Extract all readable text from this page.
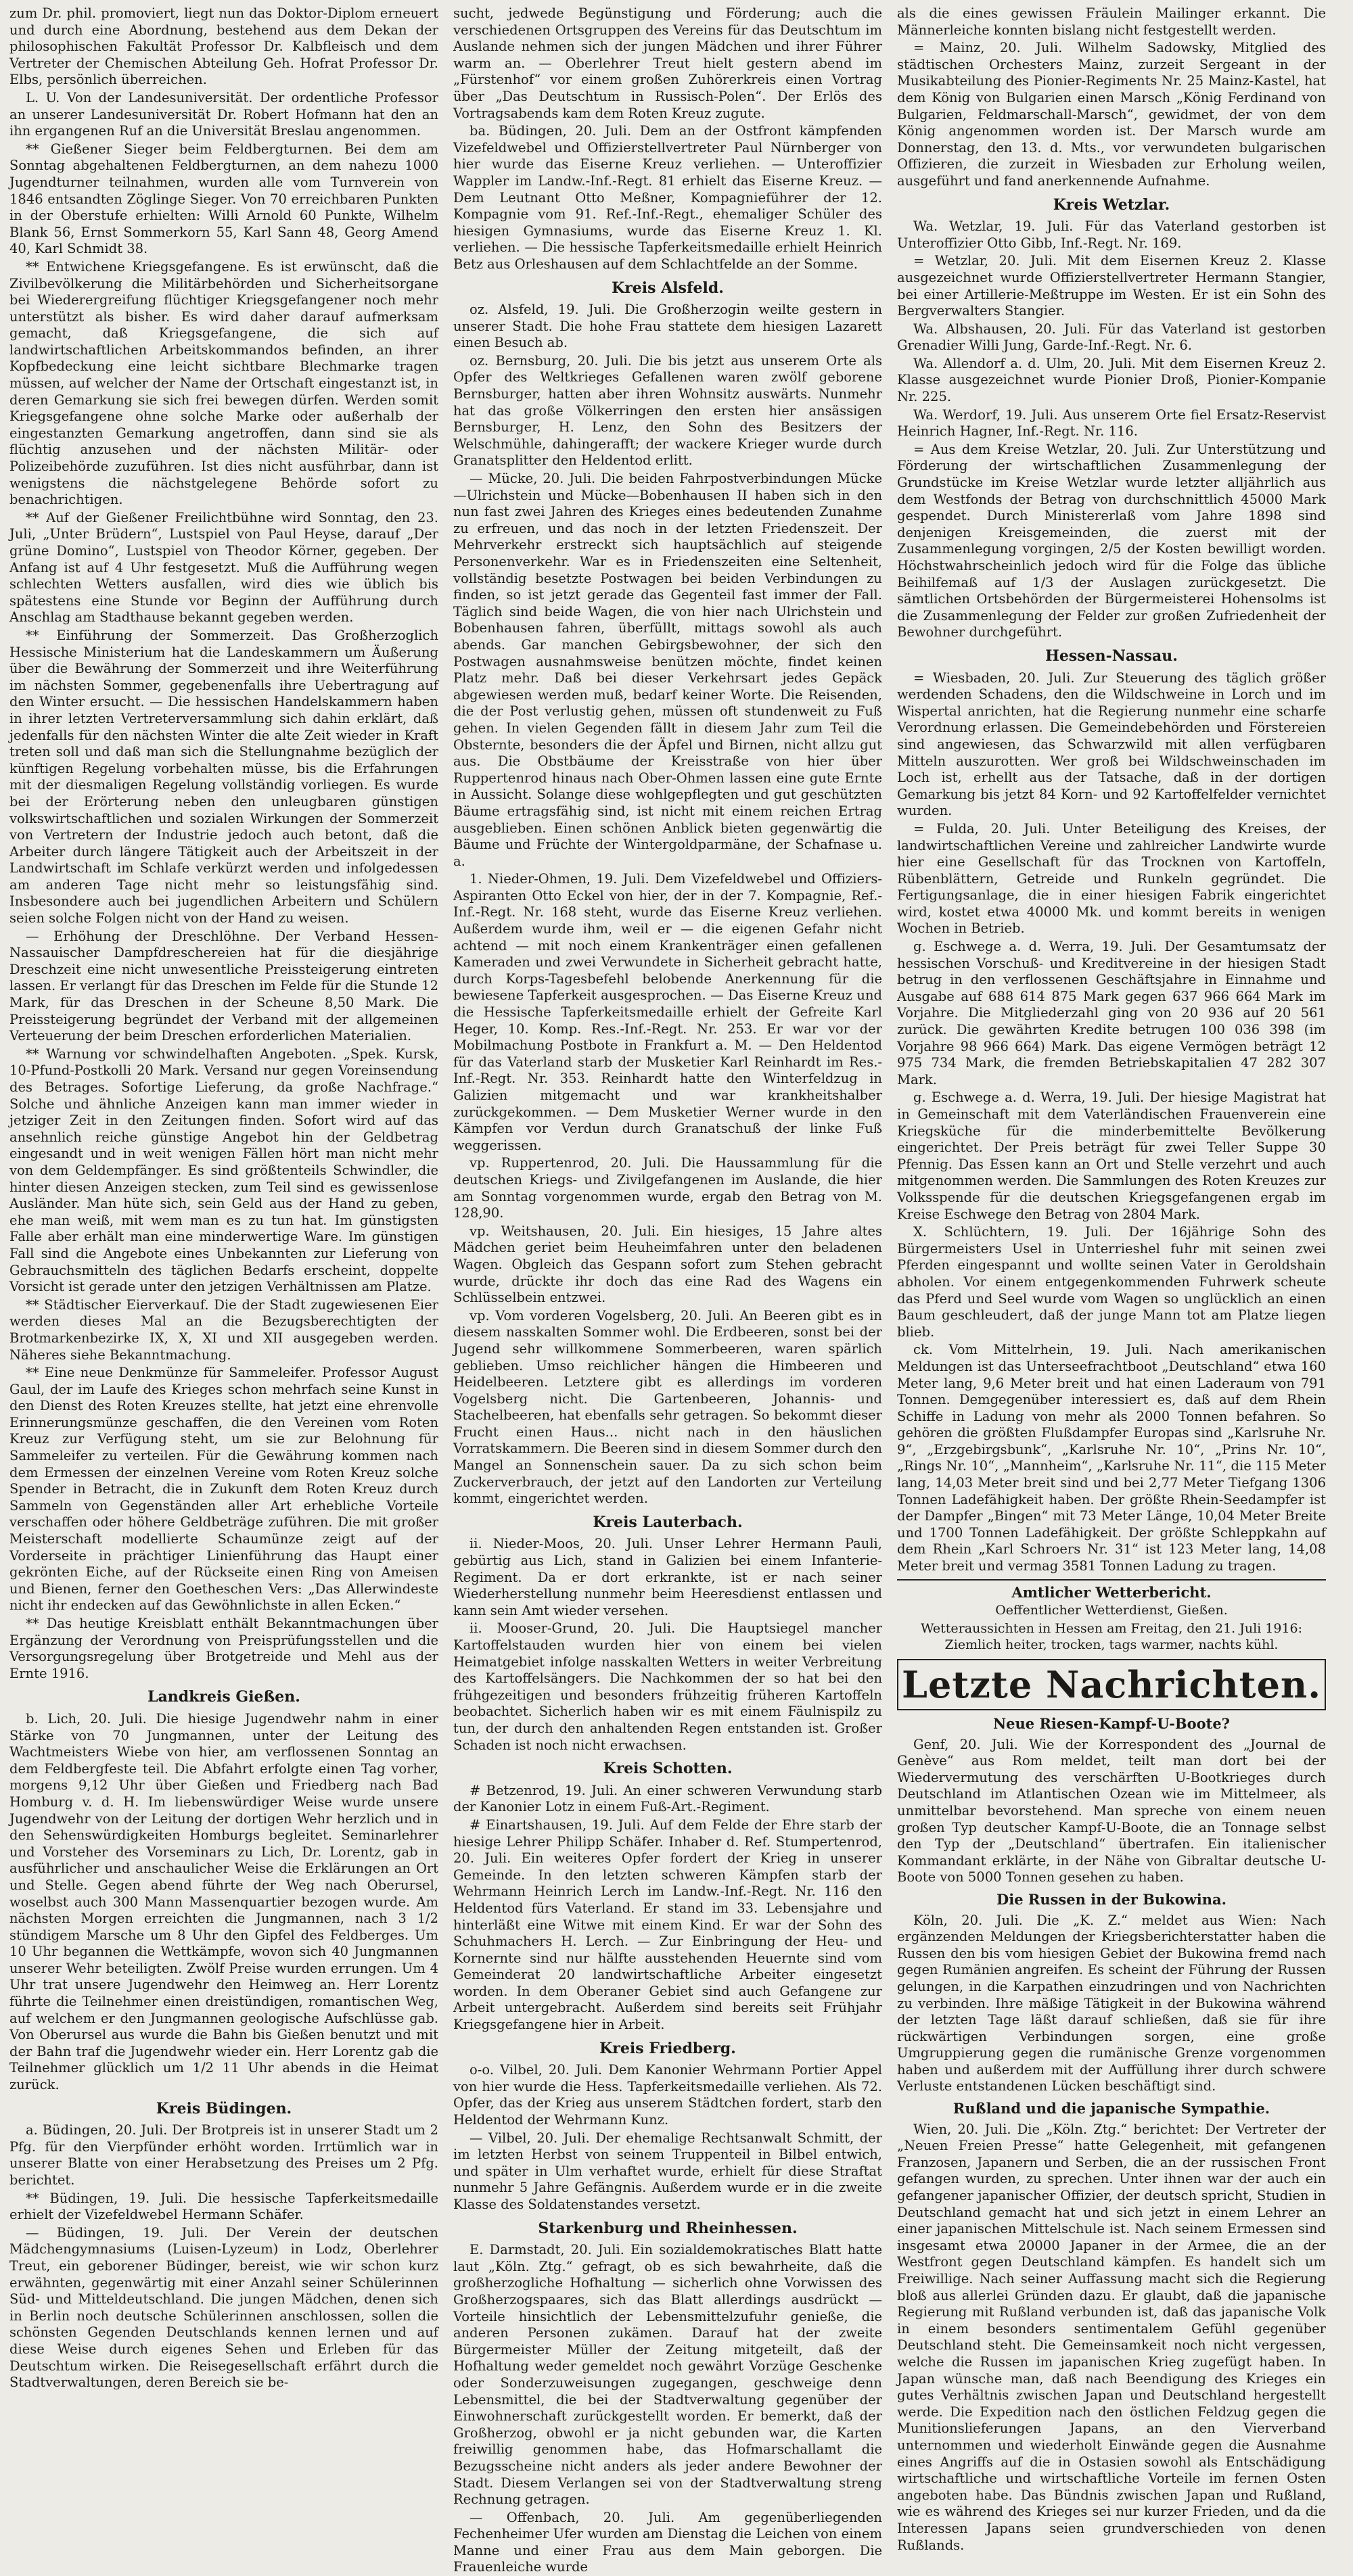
zum Dr. phil. promoviert, liegt nun das Doktor-Diplom erneuert und durch eine Abordnung, bestehend aus dem Dekan der philosophischen Fakultät Professor Dr. Kalbfleisch und dem Vertreter der Chemischen Abteilung Geh. Hofrat Professor Dr. Elbs, persönlich überreichen.

L. U. Von der Landesuniversität. Der ordentliche Professor an unserer Landesuniversität Dr. Robert Hofmann hat den an ihn ergangenen Ruf an die Universität Breslau angenommen.

** Gießener Sieger beim Feldbergturnen. Bei dem am Sonntag abgehaltenen Feldbergturnen, an dem nahezu 1000 Jugendturner teilnahmen, wurden alle vom Turnverein von 1846 entsandten Zöglinge Sieger. Von 70 erreichbaren Punkten in der Oberstufe erhielten: Willi Arnold 60 Punkte, Wilhelm Blank 56, Ernst Sommerkorn 55, Karl Sann 48, Georg Amend 40, Karl Schmidt 38.

** Entwichene Kriegsgefangene. Es ist erwünscht, daß die Zivilbevölkerung die Militärbehörden und Sicherheitsorgane bei Wiederergreifung flüchtiger Kriegsgefangener noch mehr unterstützt als bisher. Es wird daher darauf aufmerksam gemacht, daß Kriegsgefangene, die sich auf landwirtschaftlichen Arbeitskommandos befinden, an ihrer Kopfbedeckung eine leicht sichtbare Blechmarke tragen müssen, auf welcher der Name der Ortschaft eingestanzt ist, in deren Gemarkung sie sich frei bewegen dürfen. Werden somit Kriegsgefangene ohne solche Marke oder außerhalb der eingestanzten Gemarkung angetroffen, dann sind sie als flüchtig anzusehen und der nächsten Militär- oder Polizeibehörde zuzuführen. Ist dies nicht ausführbar, dann ist wenigstens die nächstgelegene Behörde sofort zu benachrichtigen.

** Auf der Gießener Freilichtbühne wird Sonntag, den 23. Juli, „Unter Brüdern“, Lustspiel von Paul Heyse, darauf „Der grüne Domino“, Lustspiel von Theodor Körner, gegeben. Der Anfang ist auf 4 Uhr festgesetzt. Muß die Aufführung wegen schlechten Wetters ausfallen, wird dies wie üblich bis spätestens eine Stunde vor Beginn der Aufführung durch Anschlag am Stadthause bekannt gegeben werden.

** Einführung der Sommerzeit. Das Großherzoglich Hessische Ministerium hat die Landeskammern um Äußerung über die Bewährung der Sommerzeit und ihre Weiterführung im nächsten Sommer, gegebenenfalls ihre Uebertragung auf den Winter ersucht. — Die hessischen Handelskammern haben in ihrer letzten Vertreterversammlung sich dahin erklärt, daß jedenfalls für den nächsten Winter die alte Zeit wieder in Kraft treten soll und daß man sich die Stellungnahme bezüglich der künftigen Regelung vorbehalten müsse, bis die Erfahrungen mit der diesmaligen Regelung vollständig vorliegen. Es wurde bei der Erörterung neben den unleugbaren günstigen volkswirtschaftlichen und sozialen Wirkungen der Sommerzeit von Vertretern der Industrie jedoch auch betont, daß die Arbeiter durch längere Tätigkeit auch der Arbeitszeit in der Landwirtschaft im Schlafe verkürzt werden und infolgedessen am anderen Tage nicht mehr so leistungsfähig sind. Insbesondere auch bei jugendlichen Arbeitern und Schülern seien solche Folgen nicht von der Hand zu weisen.

— Erhöhung der Dreschlöhne. Der Verband Hessen-Nassauischer Dampfdreschereien hat für die diesjährige Dreschzeit eine nicht unwesentliche Preissteigerung eintreten lassen. Er verlangt für das Dreschen im Felde für die Stunde 12 Mark, für das Dreschen in der Scheune 8,50 Mark. Die Preissteigerung begründet der Verband mit der allgemeinen Verteuerung der beim Dreschen erforderlichen Materialien.

** Warnung vor schwindelhaften Angeboten. „Spek. Kursk, 10-Pfund-Postkolli 20 Mark. Versand nur gegen Voreinsendung des Betrages. Sofortige Lieferung, da große Nachfrage.“ Solche und ähnliche Anzeigen kann man immer wieder in jetziger Zeit in den Zeitungen finden. Sofort wird auf das ansehnlich reiche günstige Angebot hin der Geldbetrag eingesandt und in weit wenigen Fällen hört man nicht mehr von dem Geldempfänger. Es sind größtenteils Schwindler, die hinter diesen Anzeigen stecken, zum Teil sind es gewissenlose Ausländer. Man hüte sich, sein Geld aus der Hand zu geben, ehe man weiß, mit wem man es zu tun hat. Im günstigsten Falle aber erhält man eine minderwertige Ware. Im günstigen Fall sind die Angebote eines Unbekannten zur Lieferung von Gebrauchsmitteln des täglichen Bedarfs erscheint, doppelte Vorsicht ist gerade unter den jetzigen Verhältnissen am Platze.

** Städtischer Eierverkauf. Die der Stadt zugewiesenen Eier werden dieses Mal an die Bezugsberechtigten der Brotmarkenbezirke IX, X, XI und XII ausgegeben werden. Näheres siehe Bekanntmachung.

** Eine neue Denkmünze für Sammeleifer. Professor August Gaul, der im Laufe des Krieges schon mehrfach seine Kunst in den Dienst des Roten Kreuzes stellte, hat jetzt eine ehrenvolle Erinnerungsmünze geschaffen, die den Vereinen vom Roten Kreuz zur Verfügung steht, um sie zur Belohnung für Sammeleifer zu verteilen. Für die Gewährung kommen nach dem Ermessen der einzelnen Vereine vom Roten Kreuz solche Spender in Betracht, die in Zukunft dem Roten Kreuz durch Sammeln von Gegenständen aller Art erhebliche Vorteile verschaffen oder höhere Geldbeträge zuführen. Die mit großer Meisterschaft modellierte Schaumünze zeigt auf der Vorderseite in prächtiger Linienführung das Haupt einer gekrönten Eiche, auf der Rückseite einen Ring von Ameisen und Bienen, ferner den Goetheschen Vers: „Das Allerwindeste nicht ihr endecken auf das Gewöhnlichste in allen Ecken.“

** Das heutige Kreisblatt enthält Bekanntmachungen über Ergänzung der Verordnung von Preisprüfungsstellen und die Versorgungsregelung über Brotgetreide und Mehl aus der Ernte 1916.

Landkreis Gießen.

b. Lich, 20. Juli. Die hiesige Jugendwehr nahm in einer Stärke von 70 Jungmannen, unter der Leitung des Wachtmeisters Wiebe von hier, am verflossenen Sonntag an dem Feldbergfeste teil. Die Abfahrt erfolgte einen Tag vorher, morgens 9,12 Uhr über Gießen und Friedberg nach Bad Homburg v. d. H. Im liebenswürdiger Weise wurde unsere Jugendwehr von der Leitung der dortigen Wehr herzlich und in den Sehenswürdigkeiten Homburgs begleitet. Seminarlehrer und Vorsteher des Vorseminars zu Lich, Dr. Lorentz, gab in ausführlicher und anschaulicher Weise die Erklärungen an Ort und Stelle. Gegen abend führte der Weg nach Oberursel, woselbst auch 300 Mann Massenquartier bezogen wurde. Am nächsten Morgen erreichten die Jungmannen, nach 3 1/2 stündigem Marsche um 8 Uhr den Gipfel des Feldberges. Um 10 Uhr begannen die Wettkämpfe, wovon sich 40 Jungmannen unserer Wehr beteiligten. Zwölf Preise wurden errungen. Um 4 Uhr trat unsere Jugendwehr den Heimweg an. Herr Lorentz führte die Teilnehmer einen dreistündigen, romantischen Weg, auf welchem er den Jungmannen geologische Aufschlüsse gab. Von Oberursel aus wurde die Bahn bis Gießen benutzt und mit der Bahn traf die Jugendwehr wieder ein. Herr Lorentz gab die Teilnehmer glücklich um 1/2 11 Uhr abends in die Heimat zurück.

Kreis Büdingen.

a. Büdingen, 20. Juli. Der Brotpreis ist in unserer Stadt um 2 Pfg. für den Vierpfünder erhöht worden. Irrtümlich war in unserer Blatte von einer Herabsetzung des Preises um 2 Pfg. berichtet.

** Büdingen, 19. Juli. Die hessische Tapferkeitsmedaille erhielt der Vizefeldwebel Hermann Schäfer.

— Büdingen, 19. Juli. Der Verein der deutschen Mädchengymnasiums (Luisen-Lyzeum) in Lodz, Oberlehrer Treut, ein geborener Büdinger, bereist, wie wir schon kurz erwähnten, gegenwärtig mit einer Anzahl seiner Schülerinnen Süd- und Mitteldeutschland. Die jungen Mädchen, denen sich in Berlin noch deutsche Schülerinnen anschlossen, sollen die schönsten Gegenden Deutschlands kennen lernen und auf diese Weise durch eigenes Sehen und Erleben für das Deutschtum wirken. Die Reisegesellschaft erfährt durch die Stadtverwaltungen, deren Bereich sie be-

sucht, jedwede Begünstigung und Förderung; auch die verschiedenen Ortsgruppen des Vereins für das Deutschtum im Auslande nehmen sich der jungen Mädchen und ihrer Führer warm an. — Oberlehrer Treut hielt gestern abend im „Fürstenhof“ vor einem großen Zuhörerkreis einen Vortrag über „Das Deutschtum in Russisch-Polen“. Der Erlös des Vortragsabends kam dem Roten Kreuz zugute.

ba. Büdingen, 20. Juli. Dem an der Ostfront kämpfenden Vizefeldwebel und Offizierstellvertreter Paul Nürnberger von hier wurde das Eiserne Kreuz verliehen. — Unteroffizier Wappler im Landw.-Inf.-Regt. 81 erhielt das Eiserne Kreuz. — Dem Leutnant Otto Meßner, Kompagnieführer der 12. Kompagnie vom 91. Ref.-Inf.-Regt., ehemaliger Schüler des hiesigen Gymnasiums, wurde das Eiserne Kreuz 1. Kl. verliehen. — Die hessische Tapferkeitsmedaille erhielt Heinrich Betz aus Orleshausen auf dem Schlachtfelde an der Somme.

Kreis Alsfeld.

oz. Alsfeld, 19. Juli. Die Großherzogin weilte gestern in unserer Stadt. Die hohe Frau stattete dem hiesigen Lazarett einen Besuch ab.

oz. Bernsburg, 20. Juli. Die bis jetzt aus unserem Orte als Opfer des Weltkrieges Gefallenen waren zwölf geborene Bernsburger, hatten aber ihren Wohnsitz auswärts. Nunmehr hat das große Völkerringen den ersten hier ansässigen Bernsburger, H. Lenz, den Sohn des Besitzers der Welschmühle, dahingerafft; der wackere Krieger wurde durch Granatsplitter den Heldentod erlitt.

— Mücke, 20. Juli. Die beiden Fahrpostverbindungen Mücke—Ulrichstein und Mücke—Bobenhausen II haben sich in den nun fast zwei Jahren des Krieges eines bedeutenden Zunahme zu erfreuen, und das noch in der letzten Friedenszeit. Der Mehrverkehr erstreckt sich hauptsächlich auf steigende Personenverkehr. War es in Friedenszeiten eine Seltenheit, vollständig besetzte Postwagen bei beiden Verbindungen zu finden, so ist jetzt gerade das Gegenteil fast immer der Fall. Täglich sind beide Wagen, die von hier nach Ulrichstein und Bobenhausen fahren, überfüllt, mittags sowohl als auch abends. Gar manchen Gebirgsbewohner, der sich den Postwagen ausnahmsweise benützen möchte, findet keinen Platz mehr. Daß bei dieser Verkehrsart jedes Gepäck abgewiesen werden muß, bedarf keiner Worte. Die Reisenden, die der Post verlustig gehen, müssen oft stundenweit zu Fuß gehen. In vielen Gegenden fällt in diesem Jahr zum Teil die Obsternte, besonders die der Äpfel und Birnen, nicht allzu gut aus. Die Obstbäume der Kreisstraße von hier über Ruppertenrod hinaus nach Ober-Ohmen lassen eine gute Ernte in Aussicht. Solange diese wohlgepflegten und gut geschützten Bäume ertragsfähig sind, ist nicht mit einem reichen Ertrag ausgeblieben. Einen schönen Anblick bieten gegenwärtig die Bäume und Früchte der Wintergoldparmäne, der Schafnase u. a.

1. Nieder-Ohmen, 19. Juli. Dem Vizefeldwebel und Offiziers-Aspiranten Otto Eckel von hier, der in der 7. Kompagnie, Ref.-Inf.-Regt. Nr. 168 steht, wurde das Eiserne Kreuz verliehen. Außerdem wurde ihm, weil er — die eigenen Gefahr nicht achtend — mit noch einem Krankenträger einen gefallenen Kameraden und zwei Verwundete in Sicherheit gebracht hatte, durch Korps-Tagesbefehl belobende Anerkennung für die bewiesene Tapferkeit ausgesprochen. — Das Eiserne Kreuz und die Hessische Tapferkeitsmedaille erhielt der Gefreite Karl Heger, 10. Komp. Res.-Inf.-Regt. Nr. 253. Er war vor der Mobilmachung Postbote in Frankfurt a. M. — Den Heldentod für das Vaterland starb der Musketier Karl Reinhardt im Res.-Inf.-Regt. Nr. 353. Reinhardt hatte den Winterfeldzug in Galizien mitgemacht und war krankheitshalber zurückgekommen. — Dem Musketier Werner wurde in den Kämpfen vor Verdun durch Granatschuß der linke Fuß weggerissen.

vp. Ruppertenrod, 20. Juli. Die Haussammlung für die deutschen Kriegs- und Zivilgefangenen im Auslande, die hier am Sonntag vorgenommen wurde, ergab den Betrag von M. 128,90.

vp. Weitshausen, 20. Juli. Ein hiesiges, 15 Jahre altes Mädchen geriet beim Heuheimfahren unter den beladenen Wagen. Obgleich das Gespann sofort zum Stehen gebracht wurde, drückte ihr doch das eine Rad des Wagens ein Schlüsselbein entzwei.

vp. Vom vorderen Vogelsberg, 20. Juli. An Beeren gibt es in diesem nasskalten Sommer wohl. Die Erdbeeren, sonst bei der Jugend sehr willkommene Sommerbeeren, waren spärlich geblieben. Umso reichlicher hängen die Himbeeren und Heidelbeeren. Letztere gibt es allerdings im vorderen Vogelsberg nicht. Die Gartenbeeren, Johannis- und Stachelbeeren, hat ebenfalls sehr getragen. So bekommt dieser Frucht einen Haus... nicht nach in den häuslichen Vorratskammern. Die Beeren sind in diesem Sommer durch den Mangel an Sonnenschein sauer. Da zu sich schon beim Zuckerverbrauch, der jetzt auf den Landorten zur Verteilung kommt, eingerichtet werden.

Kreis Lauterbach.

ii. Nieder-Moos, 20. Juli. Unser Lehrer Hermann Pauli, gebürtig aus Lich, stand in Galizien bei einem Infanterie-Regiment. Da er dort erkrankte, ist er nach seiner Wiederherstellung nunmehr beim Heeresdienst entlassen und kann sein Amt wieder versehen.

ii. Mooser-Grund, 20. Juli. Die Hauptsiegel mancher Kartoffelstauden wurden hier von einem bei vielen Heimatgebiet infolge nasskalten Wetters in weiter Verbreitung des Kartoffelsängers. Die Nachkommen der so hat bei den frühgezeitigen und besonders frühzeitig früheren Kartoffeln beobachtet. Sicherlich haben wir es mit einem Fäulnispilz zu tun, der durch den anhaltenden Regen entstanden ist. Großer Schaden ist noch nicht erwachsen.

Kreis Schotten.

# Betzenrod, 19. Juli. An einer schweren Verwundung starb der Kanonier Lotz in einem Fuß-Art.-Regiment.

# Einartshausen, 19. Juli. Auf dem Felde der Ehre starb der hiesige Lehrer Philipp Schäfer. Inhaber d. Ref. Stumpertenrod, 20. Juli. Ein weiteres Opfer fordert der Krieg in unserer Gemeinde. In den letzten schweren Kämpfen starb der Wehrmann Heinrich Lerch im Landw.-Inf.-Regt. Nr. 116 den Heldentod fürs Vaterland. Er stand im 33. Lebensjahre und hinterläßt eine Witwe mit einem Kind. Er war der Sohn des Schuhmachers H. Lerch. — Zur Einbringung der Heu- und Kornernte sind nur hälfte ausstehenden Heuernte sind vom Gemeinderat 20 landwirtschaftliche Arbeiter eingesetzt worden. In dem Oberaner Gebiet sind auch Gefangene zur Arbeit untergebracht. Außerdem sind bereits seit Frühjahr Kriegsgefangene hier in Arbeit.

Kreis Friedberg.

o-o. Vilbel, 20. Juli. Dem Kanonier Wehrmann Portier Appel von hier wurde die Hess. Tapferkeitsmedaille verliehen. Als 72. Opfer, das der Krieg aus unserem Städtchen fordert, starb den Heldentod der Wehrmann Kunz.

— Vilbel, 20. Juli. Der ehemalige Rechtsanwalt Schmitt, der im letzten Herbst von seinem Truppenteil in Bilbel entwich, und später in Ulm verhaftet wurde, erhielt für diese Straftat nunmehr 5 Jahre Gefängnis. Außerdem wurde er in die zweite Klasse des Soldatenstandes versetzt.

Starkenburg und Rheinhessen.

E. Darmstadt, 20. Juli. Ein sozialdemokratisches Blatt hatte laut „Köln. Ztg.“ gefragt, ob es sich bewahrheite, daß die großherzogliche Hofhaltung — sicherlich ohne Vorwissen des Großherzogspaares, sich das Blatt allerdings ausdrückt — Vorteile hinsichtlich der Lebensmittelzufuhr genieße, die anderen Personen zukämen. Darauf hat der zweite Bürgermeister Müller der Zeitung mitgeteilt, daß der Hofhaltung weder gemeldet noch gewährt Vorzüge Geschenke oder Sonderzuweisungen zugegangen, geschweige denn Lebensmittel, die bei der Stadtverwaltung gegenüber der Einwohnerschaft zurückgestellt worden. Er bemerkt, daß der Großherzog, obwohl er ja nicht gebunden war, die Karten freiwillig genommen habe, das Hofmarschallamt die Bezugsscheine nicht anders als jeder andere Bewohner der Stadt. Diesem Verlangen sei von der Stadtverwaltung streng Rechnung getragen.

— Offenbach, 20. Juli. Am gegenüberliegenden Fechenheimer Ufer wurden am Dienstag die Leichen von einem Manne und einer Frau aus dem Main geborgen. Die Frauenleiche wurde

als die eines gewissen Fräulein Mailinger erkannt. Die Männerleiche konnten bislang nicht festgestellt werden.

= Mainz, 20. Juli. Wilhelm Sadowsky, Mitglied des städtischen Orchesters Mainz, zurzeit Sergeant in der Musikabteilung des Pionier-Regiments Nr. 25 Mainz-Kastel, hat dem König von Bulgarien einen Marsch „König Ferdinand von Bulgarien, Feldmarschall-Marsch“, gewidmet, der von dem König angenommen worden ist. Der Marsch wurde am Donnerstag, den 13. d. Mts., vor verwundeten bulgarischen Offizieren, die zurzeit in Wiesbaden zur Erholung weilen, ausgeführt und fand anerkennende Aufnahme.

Kreis Wetzlar.

Wa. Wetzlar, 19. Juli. Für das Vaterland gestorben ist Unteroffizier Otto Gibb, Inf.-Regt. Nr. 169.

= Wetzlar, 20. Juli. Mit dem Eisernen Kreuz 2. Klasse ausgezeichnet wurde Offizierstellvertreter Hermann Stangier, bei einer Artillerie-Meßtruppe im Westen. Er ist ein Sohn des Bergverwalters Stangier.

Wa. Albshausen, 20. Juli. Für das Vaterland ist gestorben Grenadier Willi Jung, Garde-Inf.-Regt. Nr. 6.

Wa. Allendorf a. d. Ulm, 20. Juli. Mit dem Eisernen Kreuz 2. Klasse ausgezeichnet wurde Pionier Droß, Pionier-Kompanie Nr. 225.

Wa. Werdorf, 19. Juli. Aus unserem Orte fiel Ersatz-Reservist Heinrich Hagner, Inf.-Regt. Nr. 116.

= Aus dem Kreise Wetzlar, 20. Juli. Zur Unterstützung und Förderung der wirtschaftlichen Zusammenlegung der Grundstücke im Kreise Wetzlar wurde letzter alljährlich aus dem Westfonds der Betrag von durchschnittlich 45000 Mark gespendet. Durch Ministererlaß vom Jahre 1898 sind denjenigen Kreisgemeinden, die zuerst mit der Zusammenlegung vorgingen, 2/5 der Kosten bewilligt worden. Höchstwahrscheinlich jedoch wird für die Folge das übliche Beihilfemaß auf 1/3 der Auslagen zurückgesetzt. Die sämtlichen Ortsbehörden der Bürgermeisterei Hohensolms ist die Zusammenlegung der Felder zur großen Zufriedenheit der Bewohner durchgeführt.

Hessen-Nassau.

= Wiesbaden, 20. Juli. Zur Steuerung des täglich größer werdenden Schadens, den die Wildschweine in Lorch und im Wispertal anrichten, hat die Regierung nunmehr eine scharfe Verordnung erlassen. Die Gemeindebehörden und Förstereien sind angewiesen, das Schwarzwild mit allen verfügbaren Mitteln auszurotten. Wer groß bei Wildschweinschaden im Loch ist, erhellt aus der Tatsache, daß in der dortigen Gemarkung bis jetzt 84 Korn- und 92 Kartoffelfelder vernichtet wurden.

= Fulda, 20. Juli. Unter Beteiligung des Kreises, der landwirtschaftlichen Vereine und zahlreicher Landwirte wurde hier eine Gesellschaft für das Trocknen von Kartoffeln, Rübenblättern, Getreide und Runkeln gegründet. Die Fertigungsanlage, die in einer hiesigen Fabrik eingerichtet wird, kostet etwa 40000 Mk. und kommt bereits in wenigen Wochen in Betrieb.

g. Eschwege a. d. Werra, 19. Juli. Der Gesamtumsatz der hessischen Vorschuß- und Kreditvereine in der hiesigen Stadt betrug in den verflossenen Geschäftsjahre in Einnahme und Ausgabe auf 688 614 875 Mark gegen 637 966 664 Mark im Vorjahre. Die Mitgliederzahl ging von 20 936 auf 20 561 zurück. Die gewährten Kredite betrugen 100 036 398 (im Vorjahre 98 966 664) Mark. Das eigene Vermögen beträgt 12 975 734 Mark, die fremden Betriebskapitalien 47 282 307 Mark.

g. Eschwege a. d. Werra, 19. Juli. Der hiesige Magistrat hat in Gemeinschaft mit dem Vaterländischen Frauenverein eine Kriegsküche für die minderbemittelte Bevölkerung eingerichtet. Der Preis beträgt für zwei Teller Suppe 30 Pfennig. Das Essen kann an Ort und Stelle verzehrt und auch mitgenommen werden. Die Sammlungen des Roten Kreuzes zur Volksspende für die deutschen Kriegsgefangenen ergab im Kreise Eschwege den Betrag von 2804 Mark.

X. Schlüchtern, 19. Juli. Der 16jährige Sohn des Bürgermeisters Usel in Unterrieshel fuhr mit seinen zwei Pferden eingespannt und wollte seinen Vater in Geroldshain abholen. Vor einem entgegenkommenden Fuhrwerk scheute das Pferd und Seel wurde vom Wagen so unglücklich an einen Baum geschleudert, daß der junge Mann tot am Platze liegen blieb.

ck. Vom Mittelrhein, 19. Juli. Nach amerikanischen Meldungen ist das Unterseefrachtboot „Deutschland“ etwa 160 Meter lang, 9,6 Meter breit und hat einen Laderaum von 791 Tonnen. Demgegenüber interessiert es, daß auf dem Rhein Schiffe in Ladung von mehr als 2000 Tonnen befahren. So gehören die größten Flußdampfer Europas sind „Karlsruhe Nr. 9“, „Erzgebirgsbunk“, „Karlsruhe Nr. 10“, „Prins Nr. 10“, „Rings Nr. 10“, „Mannheim“, „Karlsruhe Nr. 11“, die 115 Meter lang, 14,03 Meter breit sind und bei 2,77 Meter Tiefgang 1306 Tonnen Ladefähigkeit haben. Der größte Rhein-Seedampfer ist der Dampfer „Bingen“ mit 73 Meter Länge, 10,04 Meter Breite und 1700 Tonnen Ladefähigkeit. Der größte Schleppkahn auf dem Rhein „Karl Schroers Nr. 31“ ist 123 Meter lang, 14,08 Meter breit und vermag 3581 Tonnen Ladung zu tragen.

Amtlicher Wetterbericht.
Oeffentlicher Wetterdienst, Gießen.
Wetteraussichten in Hessen am Freitag, den 21. Juli 1916: Ziemlich heiter, trocken, tags warmer, nachts kühl.
Letzte Nachrichten.
Neue Riesen-Kampf-U-Boote?

Genf, 20. Juli. Wie der Korrespondent des „Journal de Genève“ aus Rom meldet, teilt man dort bei der Wiedervermutung des verschärften U-Bootkrieges durch Deutschland im Atlantischen Ozean wie im Mittelmeer, als unmittelbar bevorstehend. Man spreche von einem neuen großen Typ deutscher Kampf-U-Boote, die an Tonnage selbst den Typ der „Deutschland“ übertrafen. Ein italienischer Kommandant erklärte, in der Nähe von Gibraltar deutsche U-Boote von 5000 Tonnen gesehen zu haben.

Die Russen in der Bukowina.

Köln, 20. Juli. Die „K. Z.“ meldet aus Wien: Nach ergänzenden Meldungen der Kriegsberichterstatter haben die Russen den bis vom hiesigen Gebiet der Bukowina fremd nach gegen Rumänien angreifen. Es scheint der Führung der Russen gelungen, in die Karpathen einzudringen und von Nachrichten zu verbinden. Ihre mäßige Tätigkeit in der Bukowina während der letzten Tage läßt darauf schließen, daß sie für ihre rückwärtigen Verbindungen sorgen, eine große Umgruppierung gegen die rumänische Grenze vorgenommen haben und außerdem mit der Auffüllung ihrer durch schwere Verluste entstandenen Lücken beschäftigt sind.

Rußland und die japanische Sympathie.

Wien, 20. Juli. Die „Köln. Ztg.“ berichtet: Der Vertreter der „Neuen Freien Presse“ hatte Gelegenheit, mit gefangenen Franzosen, Japanern und Serben, die an der russischen Front gefangen wurden, zu sprechen. Unter ihnen war der auch ein gefangener japanischer Offizier, der deutsch spricht, Studien in Deutschland gemacht hat und sich jetzt in einem Lehrer an einer japanischen Mittelschule ist. Nach seinem Ermessen sind insgesamt etwa 20000 Japaner in der Armee, die an der Westfront gegen Deutschland kämpfen. Es handelt sich um Freiwillige. Nach seiner Auffassung macht sich die Regierung bloß aus allerlei Gründen dazu. Er glaubt, daß die japanische Regierung mit Rußland verbunden ist, daß das japanische Volk in einem besonders sentimentalem Gefühl gegenüber Deutschland steht. Die Gemeinsamkeit noch nicht vergessen, welche die Russen im japanischen Krieg zugefügt haben. In Japan wünsche man, daß nach Beendigung des Krieges ein gutes Verhältnis zwischen Japan und Deutschland hergestellt werde. Die Expedition nach den östlichen Feldzug gegen die Munitionslieferungen Japans, an den Vierverband unternommen und wiederholt Einwände gegen die Ausnahme eines Angriffs auf die in Ostasien sowohl als Entschädigung wirtschaftliche und wirtschaftliche Vorteile im fernen Osten angeboten habe. Das Bündnis zwischen Japan und Rußland, wie es während des Krieges sei nur kurzer Frieden, und da die Interessen Japans seien grundverschieden von denen Rußlands.
